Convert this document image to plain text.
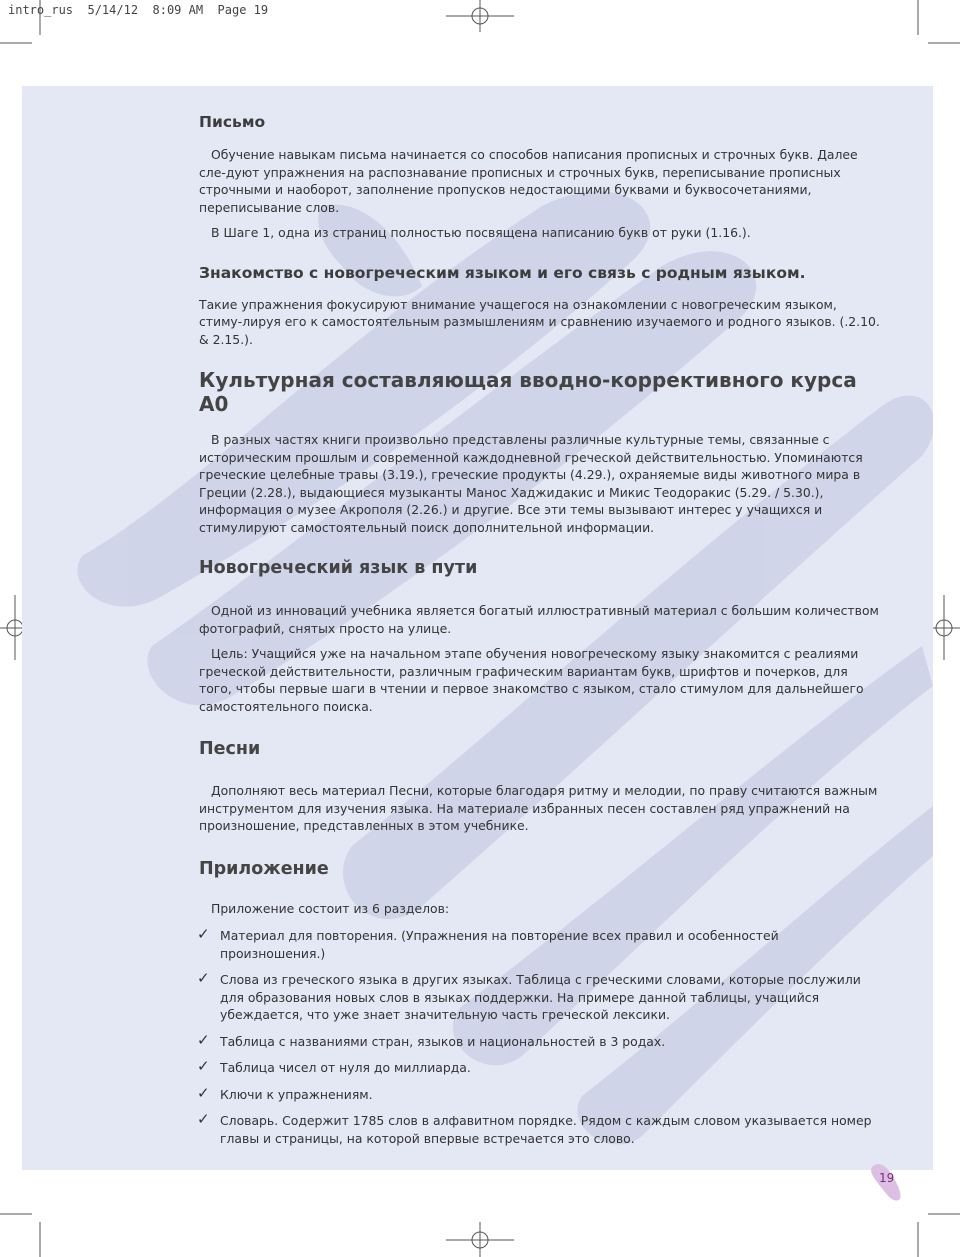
intro_rus  5/14/12  8:09 AM  Page 19
Письмо

Обучение навыкам письма начинается со способов написания прописных и строчных букв. Далее сле-дуют упражнения на распознавание прописных и строчных букв, переписывание прописных строчными и наоборот, заполнение пропусков недостающими буквами и буквосочетаниями, переписывание слов.

В Шаге 1, одна из страниц полностью посвящена написанию букв от руки (1.16.).

Знакомство с новогреческим языком и его связь с родным языком.

Такие упражнения фокусируют внимание учащегося на ознакомлении с новогреческим языком, стиму-лируя его к самостоятельным размышлениям и сравнению изучаемого и родного языков. (.2.10. & 2.15.).

Культурная составляющая вводно-коррективного курса А0

В разных частях книги произвольно представлены различные культурные темы, связанные с историческим прошлым и современной каждодневной греческой действительностью. Упоминаются греческие целебные травы (3.19.), греческие продукты (4.29.), охраняемые виды животного мира в Греции (2.28.), выдающиеся музыканты Манос Хаджидакис и Микис Теодоракис (5.29. / 5.30.), информация о музее Акрополя (2.26.) и другие. Все эти темы вызывают интерес у учащихся и стимулируют самостоятельный поиск дополнительной информации.

Новогреческий язык в пути

Одной из инноваций учебника является богатый иллюстративный материал с большим количеством фотографий, снятых просто на улице.

Цель: Учащийся уже на начальном этапе обучения новогреческому языку знакомится с реалиями греческой действительности, различным графическим вариантам букв, шрифтов и почерков, для того, чтобы первые шаги в чтении и первое знакомство с языком, стало стимулом для дальнейшего самостоятельного поиска.

Песни

Дополняют весь материал Песни, которые благодаря ритму и мелодии, по праву считаются важным инструментом для изучения языка. На материале избранных песен составлен ряд упражнений на произношение, представленных в этом учебнике.

Приложение

Приложение состоит из 6 разделов:

✓ Материал для повторения. (Упражнения на повторение всех правил и особенностей произношения.)
✓ Слова из греческого языка в других языках. Таблица с греческими словами, которые послужили для образования новых слов в языках поддержки. На примере данной таблицы, учащийся убеждается, что уже знает значительную часть греческой лексики.
✓ Таблица с названиями стран, языков и национальностей в 3 родах.
✓ Таблица чисел от нуля до миллиарда.
✓ Ключи к упражнениям.
✓ Словарь. Содержит 1785 слов в алфавитном порядке. Рядом с каждым словом указывается номер главы и страницы, на которой впервые встречается это слово.
19
